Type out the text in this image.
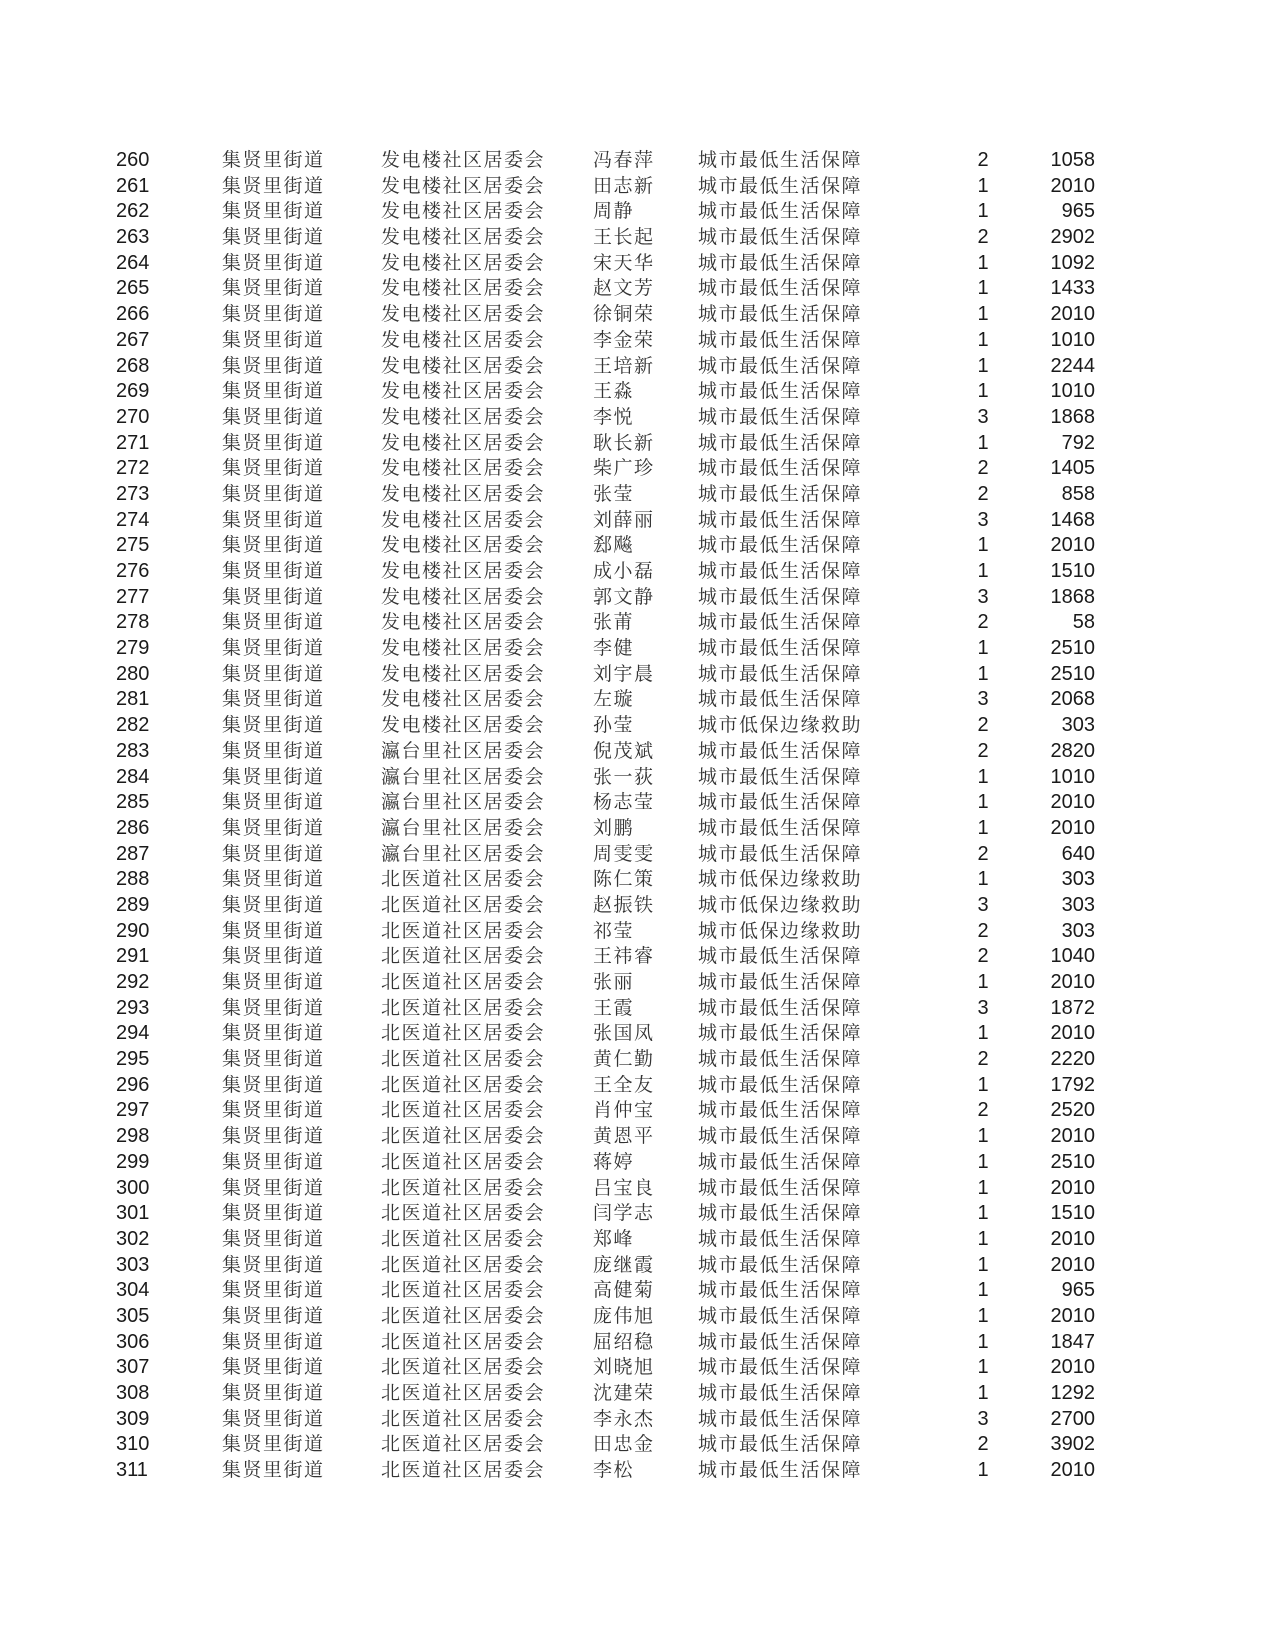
260	集贤里街道	发电楼社区居委会	冯春萍	城市最低生活保障	2	1058
261	集贤里街道	发电楼社区居委会	田志新	城市最低生活保障	1	2010
262	集贤里街道	发电楼社区居委会	周静	城市最低生活保障	1	965
263	集贤里街道	发电楼社区居委会	王长起	城市最低生活保障	2	2902
264	集贤里街道	发电楼社区居委会	宋天华	城市最低生活保障	1	1092
265	集贤里街道	发电楼社区居委会	赵文芳	城市最低生活保障	1	1433
266	集贤里街道	发电楼社区居委会	徐铜荣	城市最低生活保障	1	2010
267	集贤里街道	发电楼社区居委会	李金荣	城市最低生活保障	1	1010
268	集贤里街道	发电楼社区居委会	王培新	城市最低生活保障	1	2244
269	集贤里街道	发电楼社区居委会	王淼	城市最低生活保障	1	1010
270	集贤里街道	发电楼社区居委会	李悦	城市最低生活保障	3	1868
271	集贤里街道	发电楼社区居委会	耿长新	城市最低生活保障	1	792
272	集贤里街道	发电楼社区居委会	柴广珍	城市最低生活保障	2	1405
273	集贤里街道	发电楼社区居委会	张莹	城市最低生活保障	2	858
274	集贤里街道	发电楼社区居委会	刘薛丽	城市最低生活保障	3	1468
275	集贤里街道	发电楼社区居委会	郄飚	城市最低生活保障	1	2010
276	集贤里街道	发电楼社区居委会	成小磊	城市最低生活保障	1	1510
277	集贤里街道	发电楼社区居委会	郭文静	城市最低生活保障	3	1868
278	集贤里街道	发电楼社区居委会	张莆	城市最低生活保障	2	58
279	集贤里街道	发电楼社区居委会	李健	城市最低生活保障	1	2510
280	集贤里街道	发电楼社区居委会	刘宇晨	城市最低生活保障	1	2510
281	集贤里街道	发电楼社区居委会	左璇	城市最低生活保障	3	2068
282	集贤里街道	发电楼社区居委会	孙莹	城市低保边缘救助	2	303
283	集贤里街道	瀛台里社区居委会	倪茂斌	城市最低生活保障	2	2820
284	集贤里街道	瀛台里社区居委会	张一荻	城市最低生活保障	1	1010
285	集贤里街道	瀛台里社区居委会	杨志莹	城市最低生活保障	1	2010
286	集贤里街道	瀛台里社区居委会	刘鹏	城市最低生活保障	1	2010
287	集贤里街道	瀛台里社区居委会	周雯雯	城市最低生活保障	2	640
288	集贤里街道	北医道社区居委会	陈仁策	城市低保边缘救助	1	303
289	集贤里街道	北医道社区居委会	赵振铁	城市低保边缘救助	3	303
290	集贤里街道	北医道社区居委会	祁莹	城市低保边缘救助	2	303
291	集贤里街道	北医道社区居委会	王祎睿	城市最低生活保障	2	1040
292	集贤里街道	北医道社区居委会	张丽	城市最低生活保障	1	2010
293	集贤里街道	北医道社区居委会	王霞	城市最低生活保障	3	1872
294	集贤里街道	北医道社区居委会	张国凤	城市最低生活保障	1	2010
295	集贤里街道	北医道社区居委会	黄仁勤	城市最低生活保障	2	2220
296	集贤里街道	北医道社区居委会	王全友	城市最低生活保障	1	1792
297	集贤里街道	北医道社区居委会	肖仲宝	城市最低生活保障	2	2520
298	集贤里街道	北医道社区居委会	黄恩平	城市最低生活保障	1	2010
299	集贤里街道	北医道社区居委会	蒋婷	城市最低生活保障	1	2510
300	集贤里街道	北医道社区居委会	吕宝良	城市最低生活保障	1	2010
301	集贤里街道	北医道社区居委会	闫学志	城市最低生活保障	1	1510
302	集贤里街道	北医道社区居委会	郑峰	城市最低生活保障	1	2010
303	集贤里街道	北医道社区居委会	庞继霞	城市最低生活保障	1	2010
304	集贤里街道	北医道社区居委会	高健菊	城市最低生活保障	1	965
305	集贤里街道	北医道社区居委会	庞伟旭	城市最低生活保障	1	2010
306	集贤里街道	北医道社区居委会	屈绍稳	城市最低生活保障	1	1847
307	集贤里街道	北医道社区居委会	刘晓旭	城市最低生活保障	1	2010
308	集贤里街道	北医道社区居委会	沈建荣	城市最低生活保障	1	1292
309	集贤里街道	北医道社区居委会	李永杰	城市最低生活保障	3	2700
310	集贤里街道	北医道社区居委会	田忠金	城市最低生活保障	2	3902
311	集贤里街道	北医道社区居委会	李松	城市最低生活保障	1	2010
